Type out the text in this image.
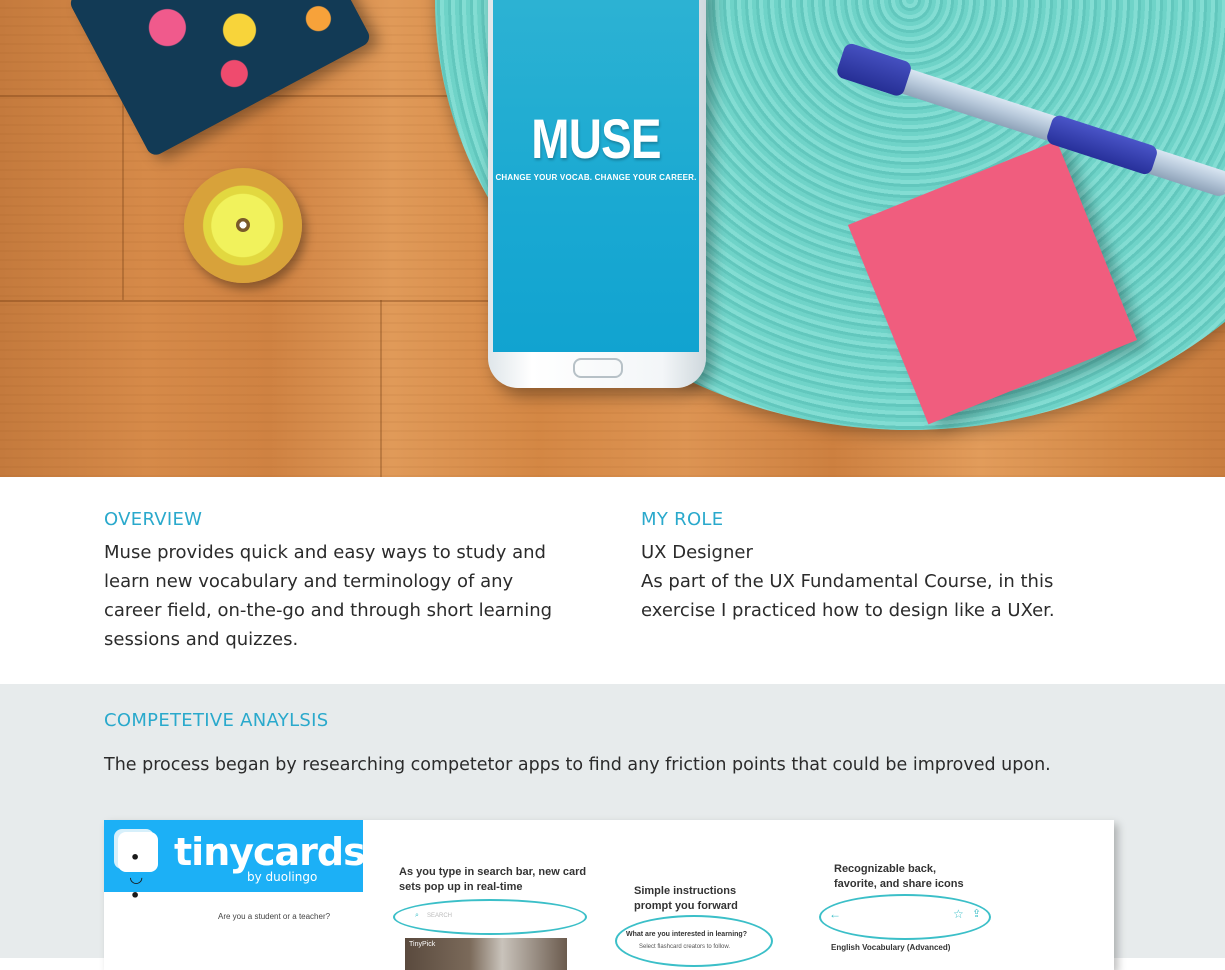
MUSE
CHANGE YOUR VOCAB. CHANGE YOUR CAREER.
OVERVIEW
Muse provides quick and easy ways to study and
learn new vocabulary and terminology of any
career field, on-the-go and through short learning
sessions and quizzes.
MY ROLE
UX Designer
As part of the UX Fundamental Course, in this
exercise I practiced how to design like a UXer.
COMPETETIVE ANAYLSIS
The process began by researching competetor apps to find any friction points that could be improved upon.
• ◡ •
tinycards
by duolingo
Are you a student or a teacher?
As you type in search bar, new card
sets pop up in real-time
⌕ SEARCH
TinyPick
Simple instructions
prompt you forward
What are you interested in learning?
Select flashcard creators to follow.
Recognizable back,
favorite, and share icons
←	☆ ⇪
English Vocabulary (Advanced)
